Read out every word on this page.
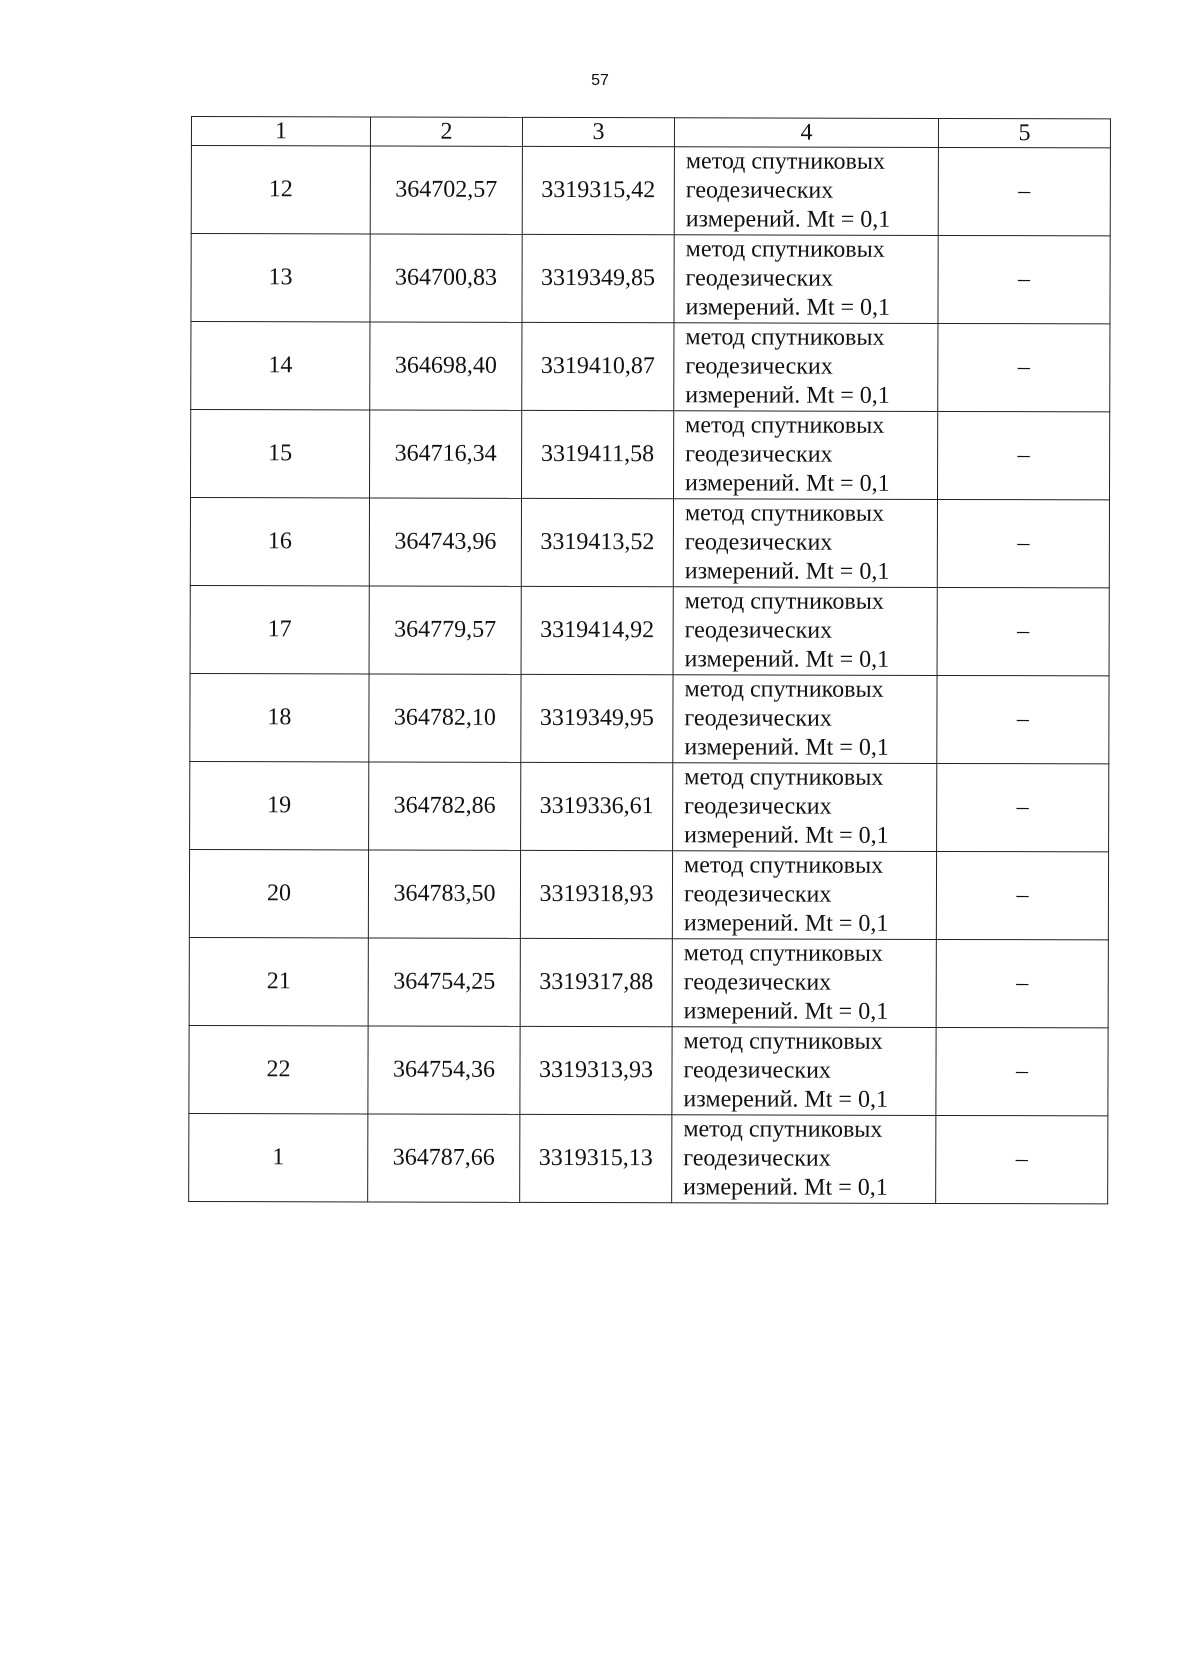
57
1	2	3	4	5
12	364702,57	3319315,42	метод спутниковых
геодезических
измерений. Mt = 0,1	–
13	364700,83	3319349,85	метод спутниковых
геодезических
измерений. Mt = 0,1	–
14	364698,40	3319410,87	метод спутниковых
геодезических
измерений. Mt = 0,1	–
15	364716,34	3319411,58	метод спутниковых
геодезических
измерений. Mt = 0,1	–
16	364743,96	3319413,52	метод спутниковых
геодезических
измерений. Mt = 0,1	–
17	364779,57	3319414,92	метод спутниковых
геодезических
измерений. Mt = 0,1	–
18	364782,10	3319349,95	метод спутниковых
геодезических
измерений. Mt = 0,1	–
19	364782,86	3319336,61	метод спутниковых
геодезических
измерений. Mt = 0,1	–
20	364783,50	3319318,93	метод спутниковых
геодезических
измерений. Mt = 0,1	–
21	364754,25	3319317,88	метод спутниковых
геодезических
измерений. Mt = 0,1	–
22	364754,36	3319313,93	метод спутниковых
геодезических
измерений. Mt = 0,1	–
1	364787,66	3319315,13	метод спутниковых
геодезических
измерений. Mt = 0,1	–
